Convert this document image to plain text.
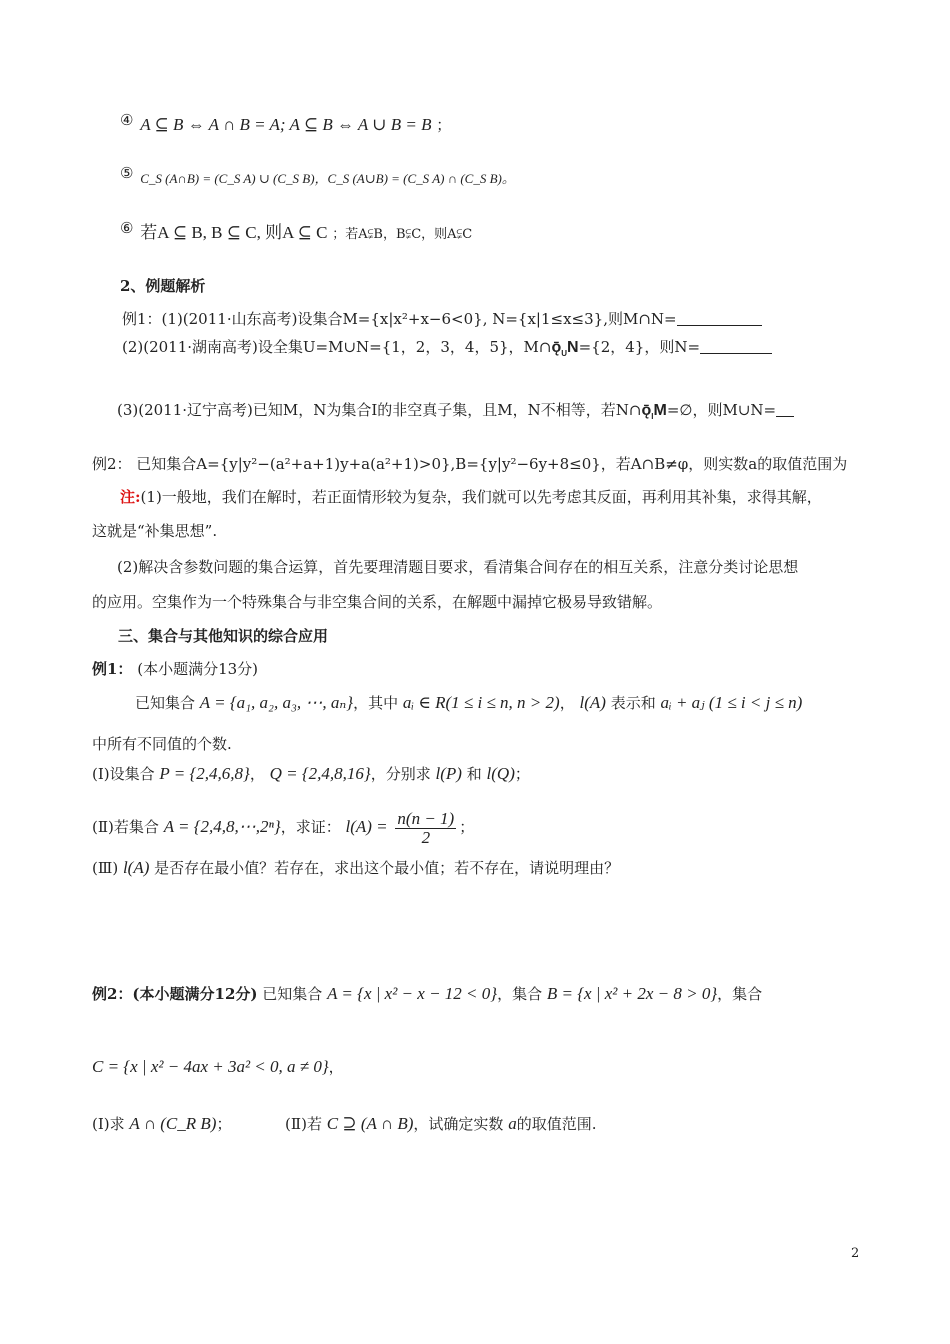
④ A ⊆ B ⇔ A ∩ B = A; A ⊆ B ⇔ A ∪ B = B ；
⑤ C_S (A∩B) = (C_S A) ∪ (C_S B)，C_S (A∪B) = (C_S A) ∩ (C_S B)。
⑥ 若A ⊆ B, B ⊆ C, 则A ⊆ C ；若A⫋B，B⫋C，则A⫋C
2、例题解析
例1：(1)(2011·山东高考)设集合M={x|x²+x−6<0}, N={x|1≤x≤3},则M∩N=
(2)(2011·湖南高考)设全集U=M∪N={1，2，3，4，5}，$M\cap ǭ_UN=\{2$，4}，则N=
(3)(2011·辽宁高考)已知M，N为集合I的非空真子集，且M，N不相等，若$N\cap ǭ_IM=\emptyset$，则M∪N=
例2： 已知集合A={y|y²−(a²+a+1)y+a(a²+1)>0},B={y|y²−6y+8≤0}，若A∩B≠φ，则实数a的取值范围为
注:(1)一般地，我们在解时，若正面情形较为复杂，我们就可以先考虑其反面，再利用其补集，求得其解，
这就是“补集思想”.
(2)解决含参数问题的集合运算，首先要理清题目要求，看清集合间存在的相互关系，注意分类讨论思想
的应用。空集作为一个特殊集合与非空集合间的关系，在解题中漏掉它极易导致错解。
三、集合与其他知识的综合应用
例1： (本小题满分13分)
已知集合 A = {a₁, a₂, a₃, ⋯, aₙ}，其中 aᵢ ∈ R(1 ≤ i ≤ n, n > 2)， l(A) 表示和 aᵢ + aⱼ (1 ≤ i < j ≤ n)
中所有不同值的个数.
(Ⅰ)设集合 P = {2,4,6,8}， Q = {2,4,8,16}，分别求 l(P) 和 l(Q)；
(Ⅱ)若集合 A = {2,4,8,⋯,2ⁿ}，求证： $l(A) = \frac{n(n - 1)}{2}$ ；
(Ⅲ) l(A) 是否存在最小值？若存在，求出这个最小值；若不存在，请说明理由？
例2：(本小题满分12分) 已知集合 A = {x | x² − x − 12 < 0}，集合 B = {x | x² + 2x − 8 > 0}，集合
C = {x | x² − 4ax + 3a² < 0, a ≠ 0}，
(Ⅰ)求 A ∩ (C_R B)；	(Ⅱ)若 C ⊇ (A ∩ B)，试确定实数 a的取值范围.
2
